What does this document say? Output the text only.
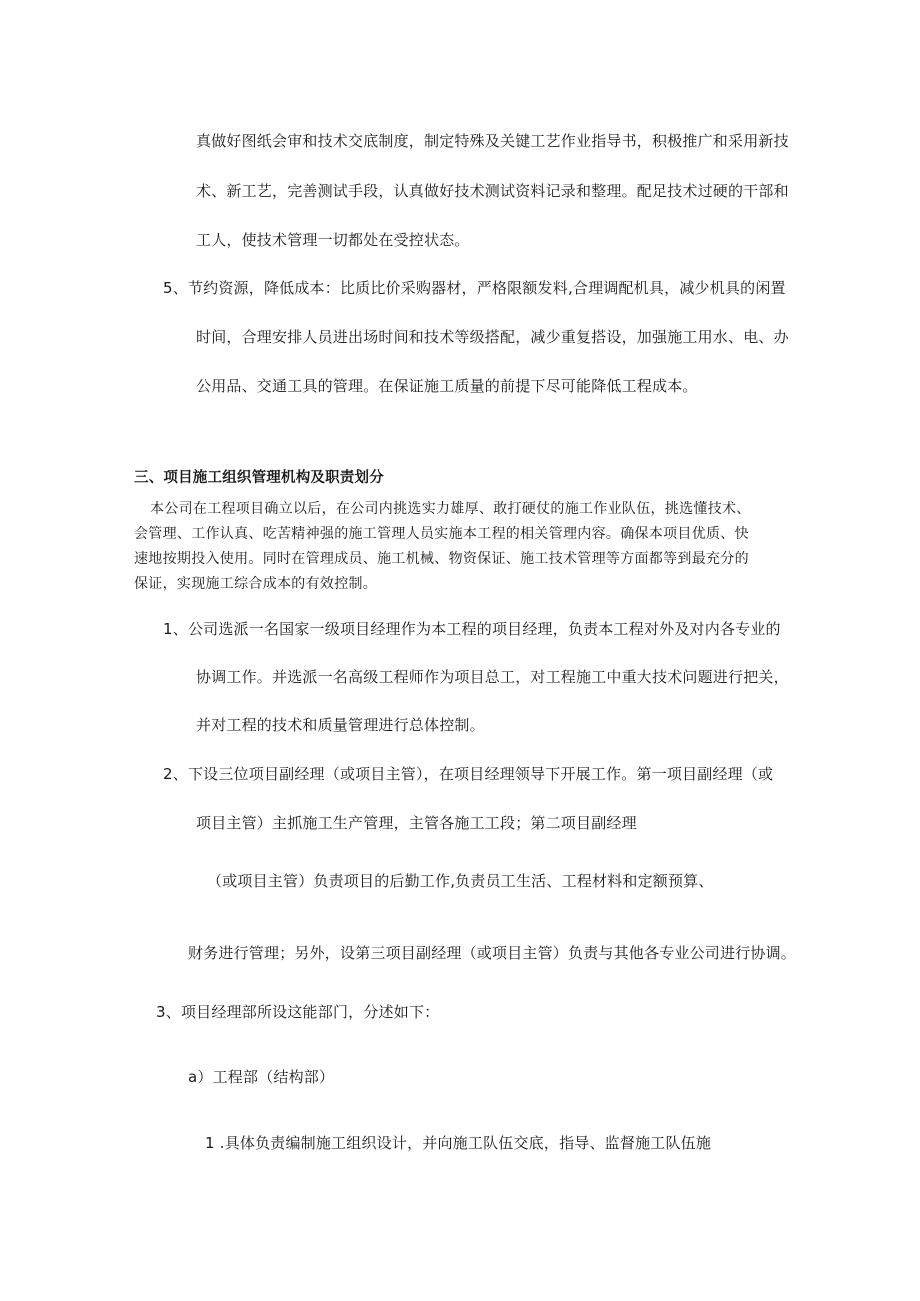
真做好图纸会审和技术交底制度，制定特殊及关键工艺作业指导书，积极推广和采用新技
术、新工艺，完善测试手段，认真做好技术测试资料记录和整理。配足技术过硬的干部和
工人，使技术管理一切都处在受控状态。
5、节约资源，降低成本：比质比价采购器材，严格限额发料,合理调配机具，减少机具的闲置
时间，合理安排人员进出场时间和技术等级搭配，减少重复搭设，加强施工用水、电、办
公用品、交通工具的管理。在保证施工质量的前提下尽可能降低工程成本。
三、项目施工组织管理机构及职责划分
本公司在工程项目确立以后，在公司内挑选实力雄厚、敢打硬仗的施工作业队伍，挑选懂技术、
会管理、工作认真、吃苦精神强的施工管理人员实施本工程的相关管理内容。确保本项目优质、快
速地按期投入使用。同时在管理成员、施工机械、物资保证、施工技术管理等方面都等到最充分的
保证，实现施工综合成本的有效控制。
1、公司选派一名国家一级项目经理作为本工程的项目经理，负责本工程对外及对内各专业的
协调工作。并选派一名高级工程师作为项目总工，对工程施工中重大技术问题进行把关，
并对工程的技术和质量管理进行总体控制。
2、下设三位项目副经理（或项目主管），在项目经理领导下开展工作。第一项目副经理（或
项目主管）主抓施工生产管理，主管各施工工段；第二项目副经理
（或项目主管）负责项目的后勤工作,负责员工生活、工程材料和定额预算、
财务进行管理；另外，设第三项目副经理（或项目主管）负责与其他各专业公司进行协调。
3、项目经理部所设这能部门，分述如下：
a）工程部（结构部）
1 .具体负责编制施工组织设计，并向施工队伍交底，指导、监督施工队伍施
